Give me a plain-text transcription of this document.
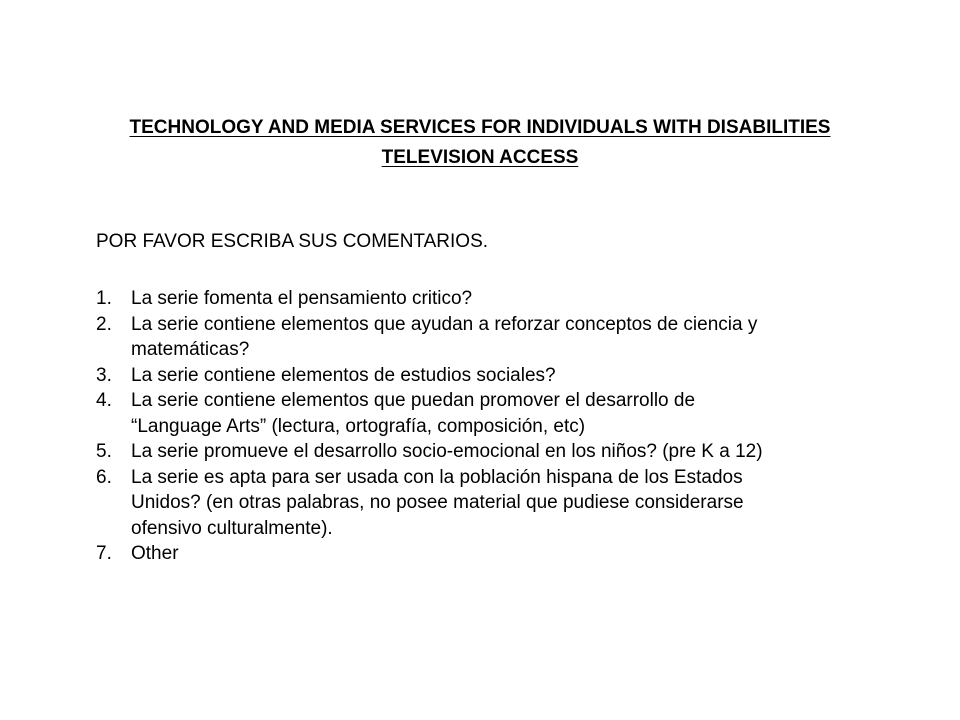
TECHNOLOGY AND MEDIA SERVICES FOR INDIVIDUALS WITH DISABILITIES
TELEVISION ACCESS
POR FAVOR ESCRIBA SUS COMENTARIOS.
1.	La serie fomenta el pensamiento critico?
2.	La serie contiene elementos que ayudan a reforzar conceptos de ciencia y
matemáticas?
3.	La serie contiene elementos de estudios sociales?
4.	La serie contiene elementos que puedan promover el desarrollo de
“Language Arts” (lectura, ortografía, composición, etc)
5.	La serie promueve el desarrollo socio-emocional en los niños? (pre K a 12)
6.	La serie es apta para ser usada con la población hispana de los Estados
Unidos? (en otras palabras, no posee material que pudiese considerarse
ofensivo culturalmente).
7.	Other
